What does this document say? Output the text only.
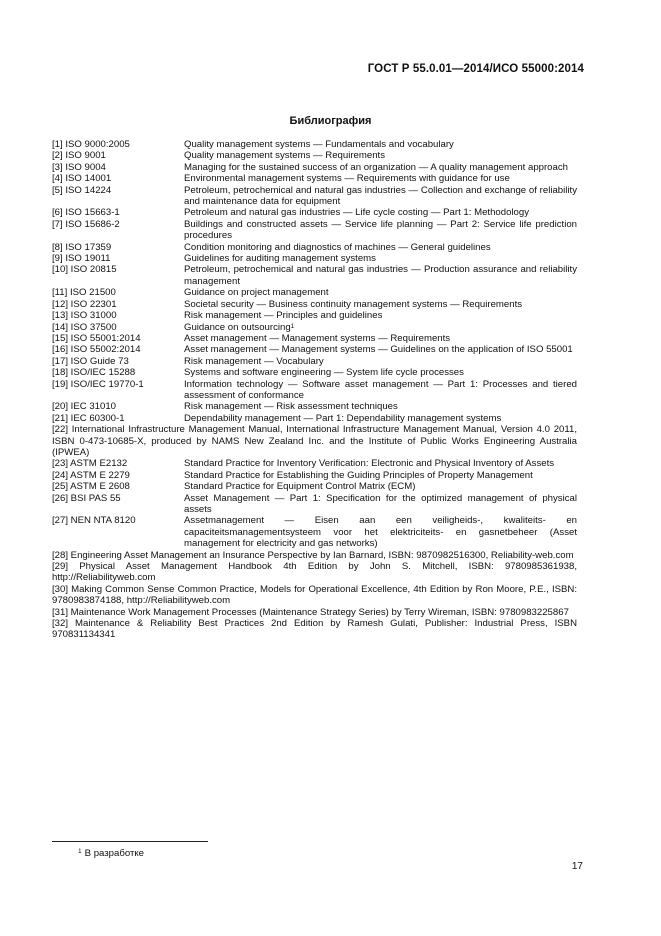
ГОСТ Р 55.0.01—2014/ИСО 55000:2014
Библиография
[1] ISO 9000:2005	Quality management systems — Fundamentals and vocabulary
[2] ISO 9001	Quality management systems — Requirements
[3] ISO 9004	Managing for the sustained success of an organization — A quality management approach
[4] ISO 14001	Environmental management systems — Requirements with guidance for use
[5] ISO 14224	Petroleum, petrochemical and natural gas industries — Collection and exchange of reliability and maintenance data for equipment
[6] ISO 15663-1	Petroleum and natural gas industries — Life cycle costing — Part 1: Methodology
[7] ISO 15686-2	Buildings and constructed assets — Service life planning — Part 2: Service life prediction procedures
[8] ISO 17359	Condition monitoring and diagnostics of machines — General guidelines
[9] ISO 19011	Guidelines for auditing management systems
[10] ISO 20815	Petroleum, petrochemical and natural gas industries — Production assurance and reliability management
[11] ISO 21500	Guidance on project management
[12] ISO 22301	Societal security — Business continuity management systems — Requirements
[13] ISO 31000	Risk management — Principles and guidelines
[14] ISO 37500	Guidance on outsourcing$^1$
[15] ISO 55001:2014	Asset management — Management systems — Requirements
[16] ISO 55002:2014	Asset management — Management systems — Guidelines on the application of ISO 55001
[17] ISO Guide 73	Risk management — Vocabulary
[18] ISO/IEC 15288	Systems and software engineering — System life cycle processes
[19] ISO/IEC 19770-1	Information technology — Software asset management — Part 1: Processes and tiered assessment of conformance
[20] IEC 31010	Risk management — Risk assessment techniques
[21] IEC 60300-1	Dependability management — Part 1: Dependability management systems
[22] International Infrastructure Management Manual, International Infrastructure Management Manual, Version 4.0 2011, ISBN 0-473-10685-X, produced by NAMS New Zealand Inc. and the Institute of Public Works Engineering Australia (IPWEA)
[23] ASTM E2132	Standard Practice for Inventory Verification: Electronic and Physical Inventory of Assets
[24] ASTM E 2279	Standard Practice for Establishing the Guiding Principles of Property Management
[25] ASTM E 2608	Standard Practice for Equipment Control Matrix (ECM)
[26] BSI PAS 55	Asset Management — Part 1: Specification for the optimized management of physical assets
[27] NEN NTA 8120	Assetmanagement — Eisen aan een veiligheids-, kwaliteits- en capaciteitsmanagementsysteem voor het elektriciteits- en gasnetbeheer (Asset management for electricity and gas networks)
[28] Engineering Asset Management an Insurance Perspective by Ian Barnard, ISBN: 9870982516300, Reliability-web.com
[29] Physical Asset Management Handbook 4th Edition by John S. Mitchell, ISBN: 9780985361938, http://Reliabilityweb.com
[30] Making Common Sense Common Practice, Models for Operational Excellence, 4th Edition by Ron Moore, P.E., ISBN: 9780983874188, http://Reliabilityweb.com
[31] Maintenance Work Management Processes (Maintenance Strategy Series) by Terry Wireman, ISBN: 9780983225867
[32] Maintenance & Reliability Best Practices 2nd Edition by Ramesh Gulati, Publisher: Industrial Press, ISBN 970831134341
$^1$ В разработке
17
